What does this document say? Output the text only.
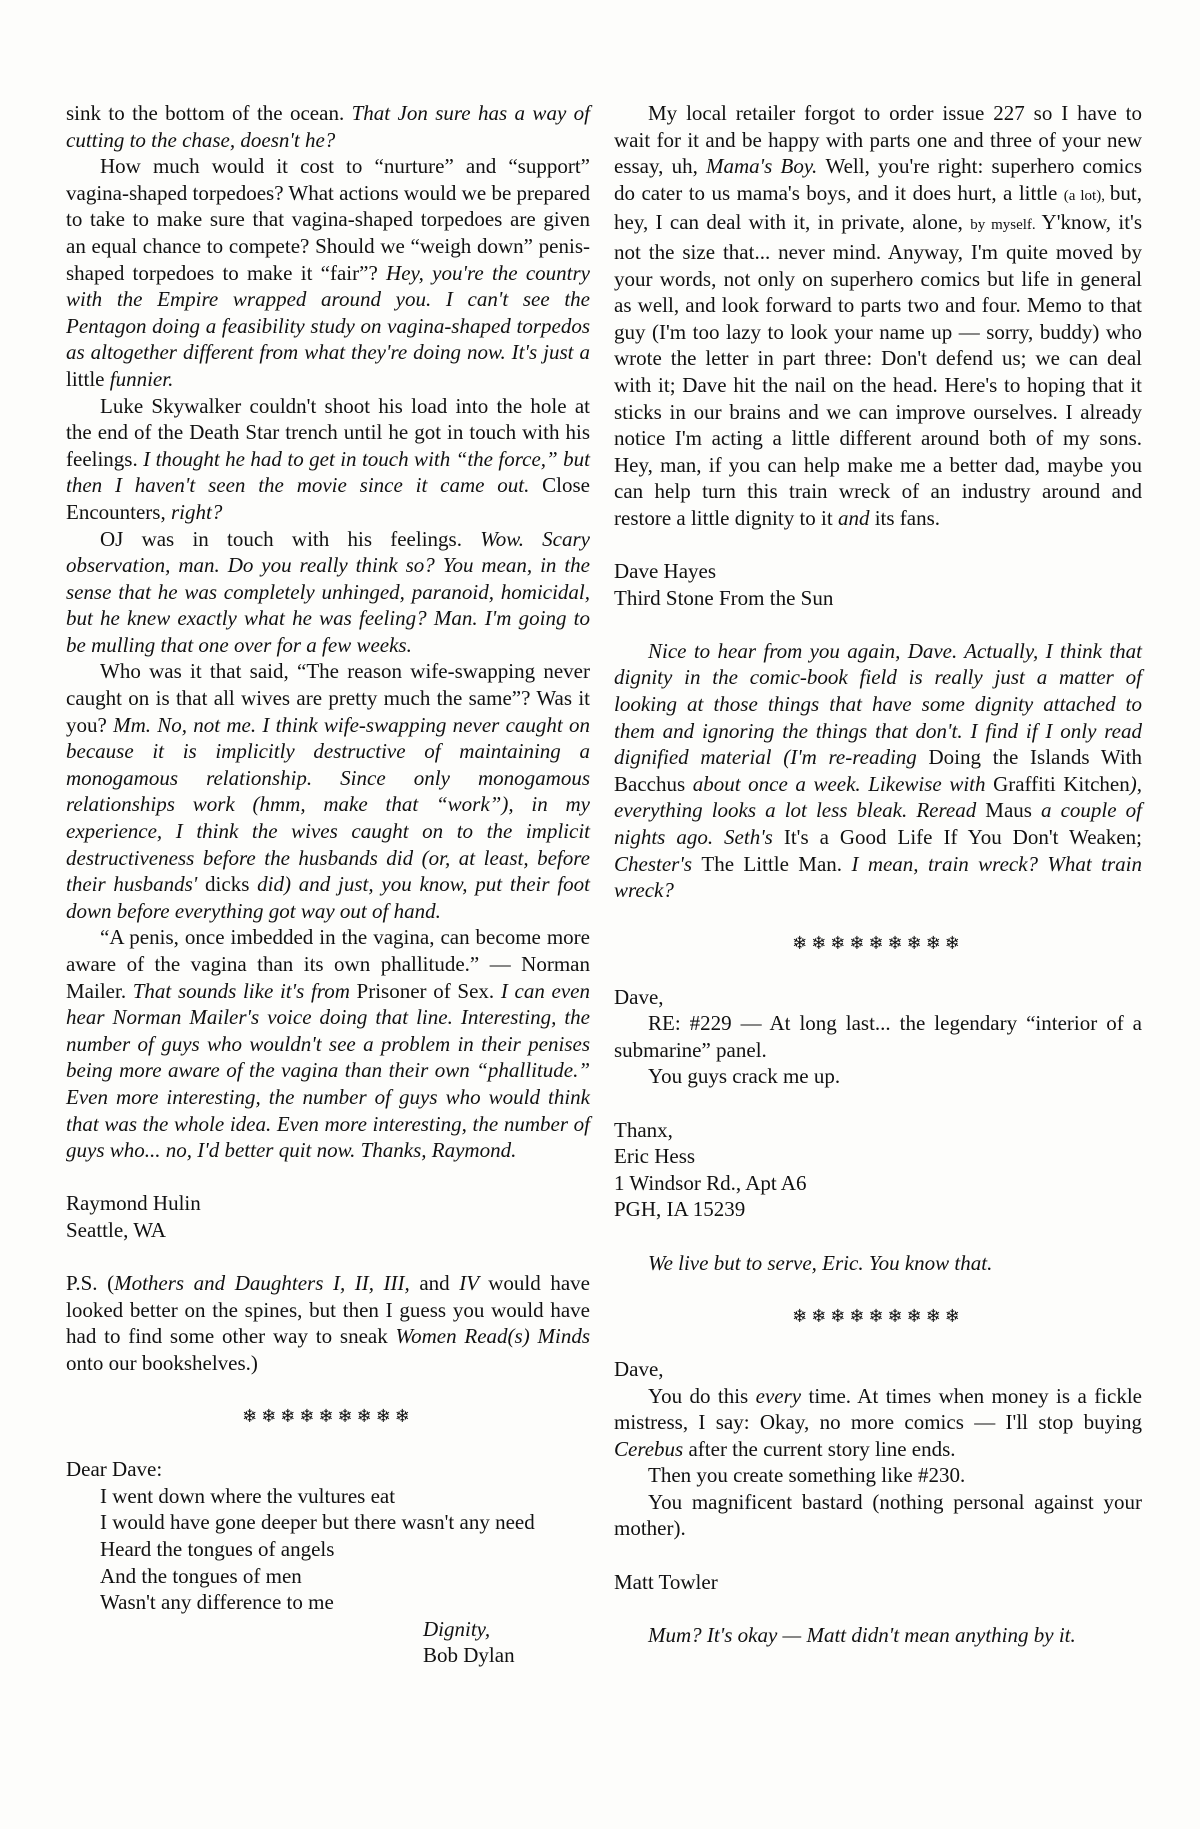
sink to the bottom of the ocean. That Jon sure has a way of cutting to the chase, doesn't he?

How much would it cost to “nurture” and “support” vagina-shaped torpedoes? What actions would we be prepared to take to make sure that vagina-shaped torpedoes are given an equal chance to compete? Should we “weigh down” penis-shaped torpedoes to make it “fair”? Hey, you're the country with the Empire wrapped around you. I can't see the Pentagon doing a feasibility study on vagina-shaped torpedos as altogether different from what they're doing now. It's just a little funnier.

Luke Skywalker couldn't shoot his load into the hole at the end of the Death Star trench until he got in touch with his feelings. I thought he had to get in touch with “the force,” but then I haven't seen the movie since it came out. Close Encounters, right?

OJ was in touch with his feelings. Wow. Scary observation, man. Do you really think so? You mean, in the sense that he was completely unhinged, paranoid, homicidal, but he knew exactly what he was feeling? Man. I'm going to be mulling that one over for a few weeks.

Who was it that said, “The reason wife-swapping never caught on is that all wives are pretty much the same”? Was it you? Mm. No, not me. I think wife-swapping never caught on because it is implicitly destructive of maintaining a monogamous relationship. Since only monogamous relationships work (hmm, make that “work”), in my experience, I think the wives caught on to the implicit destructiveness before the husbands did (or, at least, before their husbands' dicks did) and just, you know, put their foot down before everything got way out of hand.

“A penis, once imbedded in the vagina, can become more aware of the vagina than its own phallitude.” — Norman Mailer. That sounds like it's from Prisoner of Sex. I can even hear Norman Mailer's voice doing that line. Interesting, the number of guys who wouldn't see a problem in their penises being more aware of the vagina than their own “phallitude.” Even more interesting, the number of guys who would think that was the whole idea. Even more interesting, the number of guys who... no, I'd better quit now. Thanks, Raymond.

Raymond Hulin
Seattle, WA

P.S. (Mothers and Daughters I, II, III, and IV would have looked better on the spines, but then I guess you would have had to find some other way to sneak Women Read(s) Minds onto our bookshelves.)

❄❄❄❄❄❄❄❄❄

Dear Dave:
I went down where the vultures eat
I would have gone deeper but there wasn't any need
Heard the tongues of angels
And the tongues of men
Wasn't any difference to me
Dignity,
Bob Dylan

My local retailer forgot to order issue 227 so I have to wait for it and be happy with parts one and three of your new essay, uh, Mama's Boy. Well, you're right: superhero comics do cater to us mama's boys, and it does hurt, a little (a lot), but, hey, I can deal with it, in private, alone, by myself. Y'know, it's not the size that... never mind. Anyway, I'm quite moved by your words, not only on superhero comics but life in general as well, and look forward to parts two and four. Memo to that guy (I'm too lazy to look your name up — sorry, buddy) who wrote the letter in part three: Don't defend us; we can deal with it; Dave hit the nail on the head. Here's to hoping that it sticks in our brains and we can improve ourselves. I already notice I'm acting a little different around both of my sons. Hey, man, if you can help make me a better dad, maybe you can help turn this train wreck of an industry around and restore a little dignity to it and its fans.

Dave Hayes
Third Stone From the Sun

Nice to hear from you again, Dave. Actually, I think that dignity in the comic-book field is really just a matter of looking at those things that have some dignity attached to them and ignoring the things that don't. I find if I only read dignified material (I'm re-reading Doing the Islands With Bacchus about once a week. Likewise with Graffiti Kitchen), everything looks a lot less bleak. Reread Maus a couple of nights ago. Seth's It's a Good Life If You Don't Weaken; Chester's The Little Man. I mean, train wreck? What train wreck?

❄❄❄❄❄❄❄❄❄

Dave,

RE: #229 — At long last... the legendary “interior of a submarine” panel.

You guys crack me up.

Thanx,
Eric Hess
1 Windsor Rd., Apt A6
PGH, IA 15239

We live but to serve, Eric. You know that.

❄❄❄❄❄❄❄❄❄

Dave,

You do this every time. At times when money is a fickle mistress, I say: Okay, no more comics — I'll stop buying Cerebus after the current story line ends.

Then you create something like #230.

You magnificent bastard (nothing personal against your mother).

Matt Towler

Mum? It's okay — Matt didn't mean anything by it.
